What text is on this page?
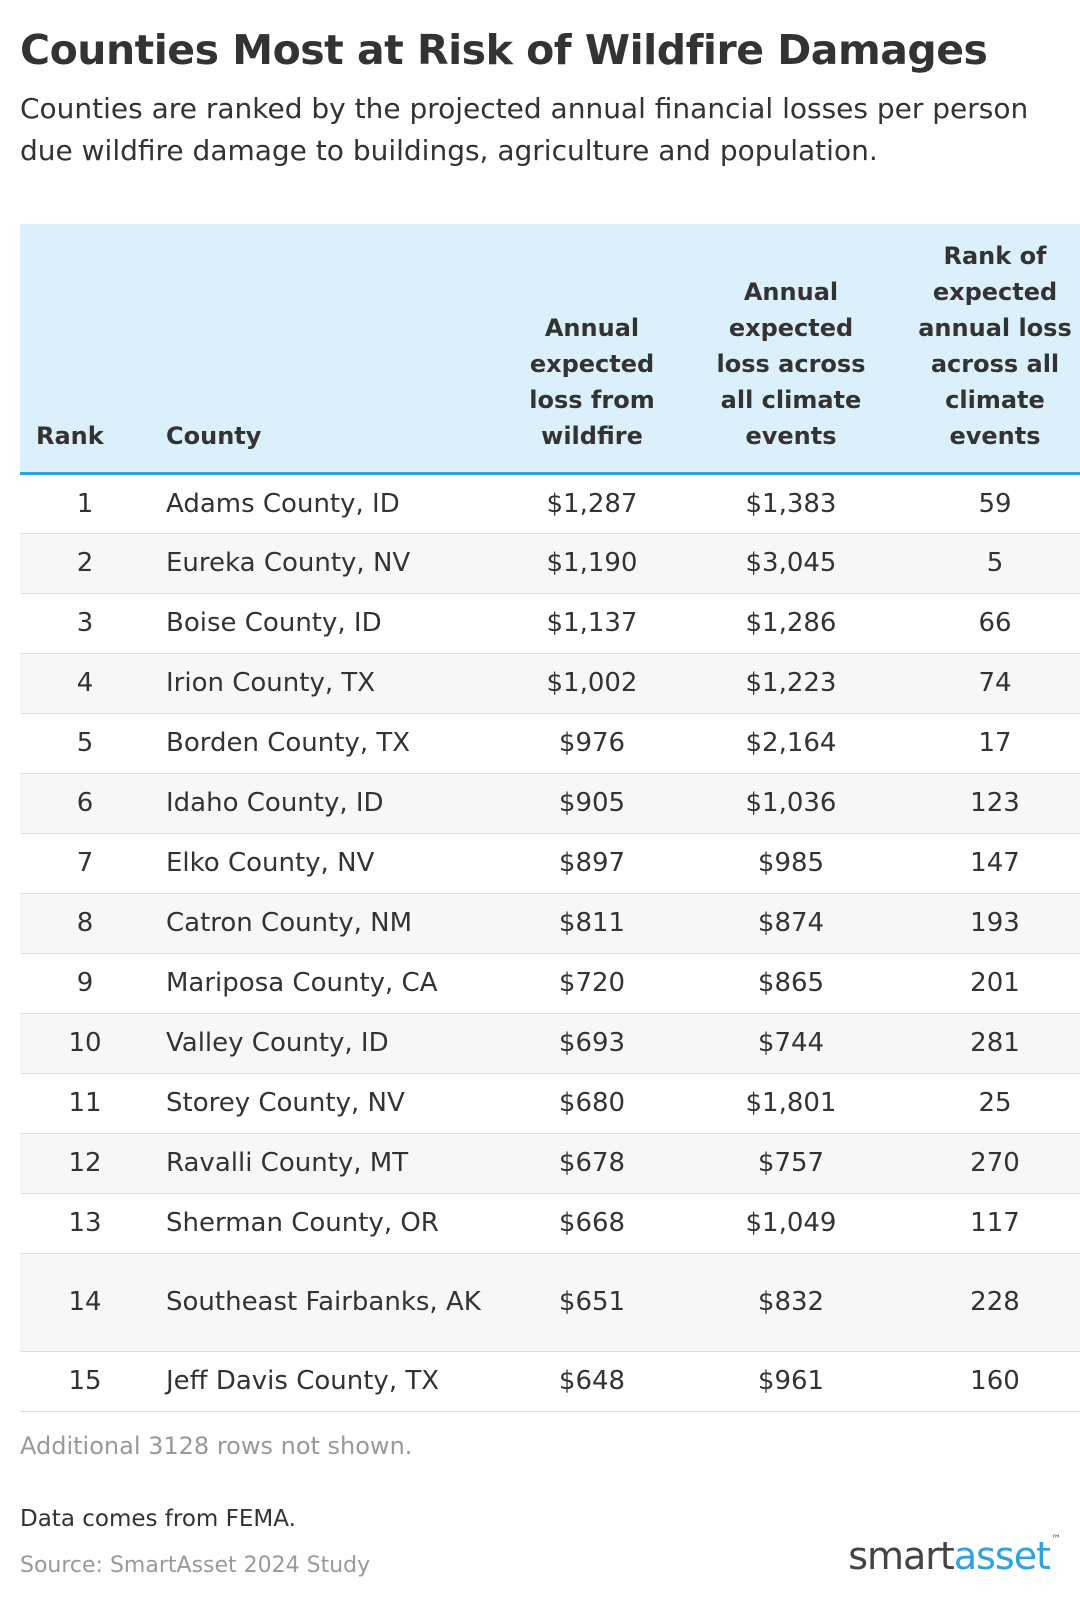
Counties Most at Risk of Wildfire Damages
Counties are ranked by the projected annual financial losses per person due wildfire damage to buildings, agriculture and population.
Rank	County	Annual expected loss from wildfire	Annual expected loss across all climate events	Rank of expected annual loss across all climate events
1	Adams County, ID	$1,287	$1,383	59
2	Eureka County, NV	$1,190	$3,045	5
3	Boise County, ID	$1,137	$1,286	66
4	Irion County, TX	$1,002	$1,223	74
5	Borden County, TX	$976	$2,164	17
6	Idaho County, ID	$905	$1,036	123
7	Elko County, NV	$897	$985	147
8	Catron County, NM	$811	$874	193
9	Mariposa County, CA	$720	$865	201
10	Valley County, ID	$693	$744	281
11	Storey County, NV	$680	$1,801	25
12	Ravalli County, MT	$678	$757	270
13	Sherman County, OR	$668	$1,049	117
14	Southeast Fairbanks, AK	$651	$832	228
15	Jeff Davis County, TX	$648	$961	160
Additional 3128 rows not shown.
Data comes from FEMA.
Source: SmartAsset 2024 Study	smartasset™
